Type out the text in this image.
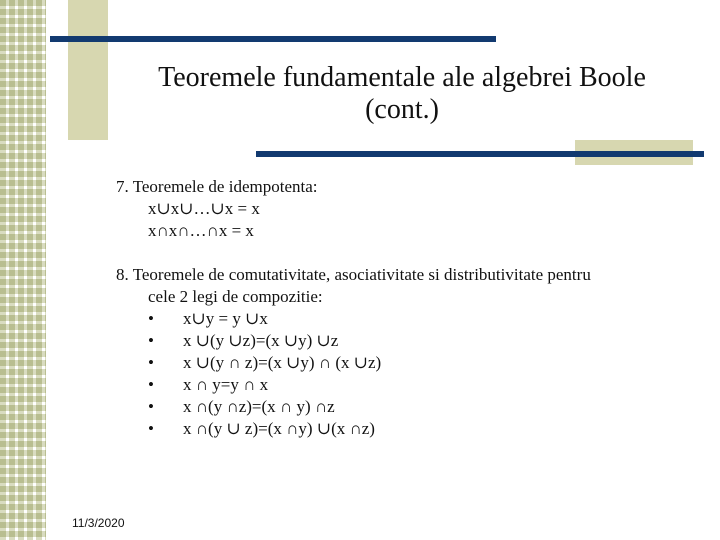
Teoremele fundamentale ale algebrei Boole
(cont.)
7. Teoremele de idempotenta:
x∪x∪…∪x = x
x∩x∩…∩x = x
8. Teoremele de comutativitate, asociativitate si distributivitate pentru
cele 2 legi de compozitie:
•	x∪y = y ∪x
•	x ∪(y ∪z)=(x ∪y) ∪z
•	x ∪(y ∩ z)=(x ∪y) ∩ (x ∪z)
•	x ∩ y=y ∩ x
•	x ∩(y ∩z)=(x ∩ y) ∩z
•	x ∩(y ∪ z)=(x ∩y) ∪(x ∩z)
11/3/2020
